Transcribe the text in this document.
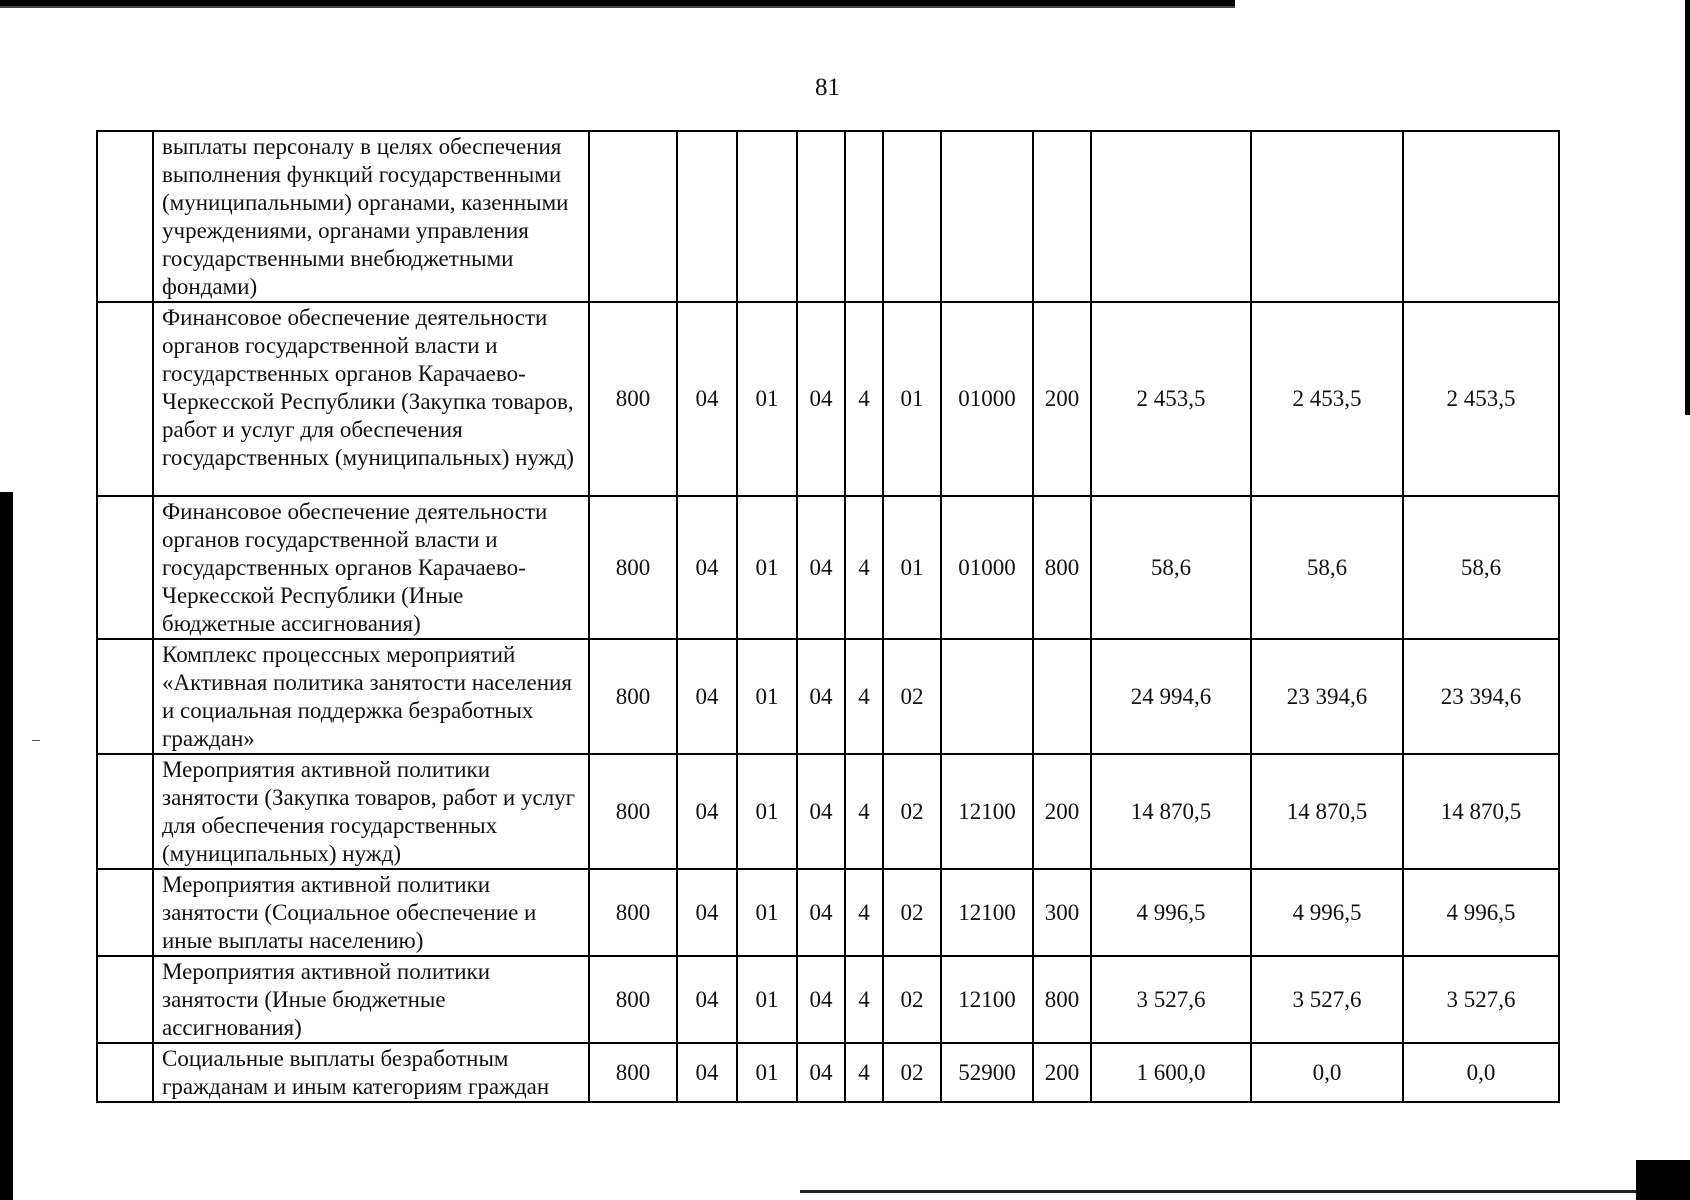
81
	выплаты персоналу в целях обеспечения выполнения функций государственными (муниципальными) органами, казенными учреждениями, органами управления государственными внебюджетными фондами)											
	Финансовое обеспечение деятельности органов государственной власти и государственных органов Карачаево-Черкесской Республики (Закупка товаров, работ и услуг для обеспечения государственных (муниципальных) нужд)	800	04	01	04	4	01	01000	200	2 453,5	2 453,5	2 453,5
	Финансовое обеспечение деятельности органов государственной власти и государственных органов Карачаево-Черкесской Республики (Иные бюджетные ассигнования)	800	04	01	04	4	01	01000	800	58,6	58,6	58,6
	Комплекс процессных мероприятий «Активная политика занятости населения и социальная поддержка безработных граждан»	800	04	01	04	4	02			24 994,6	23 394,6	23 394,6
	Мероприятия активной политики занятости (Закупка товаров, работ и услуг для обеспечения государственных (муниципальных) нужд)	800	04	01	04	4	02	12100	200	14 870,5	14 870,5	14 870,5
	Мероприятия активной политики занятости (Социальное обеспечение и иные выплаты населению)	800	04	01	04	4	02	12100	300	4 996,5	4 996,5	4 996,5
	Мероприятия активной политики занятости (Иные бюджетные ассигнования)	800	04	01	04	4	02	12100	800	3 527,6	3 527,6	3 527,6
	Социальные выплаты безработным гражданам и иным категориям граждан	800	04	01	04	4	02	52900	200	1 600,0	0,0	0,0
